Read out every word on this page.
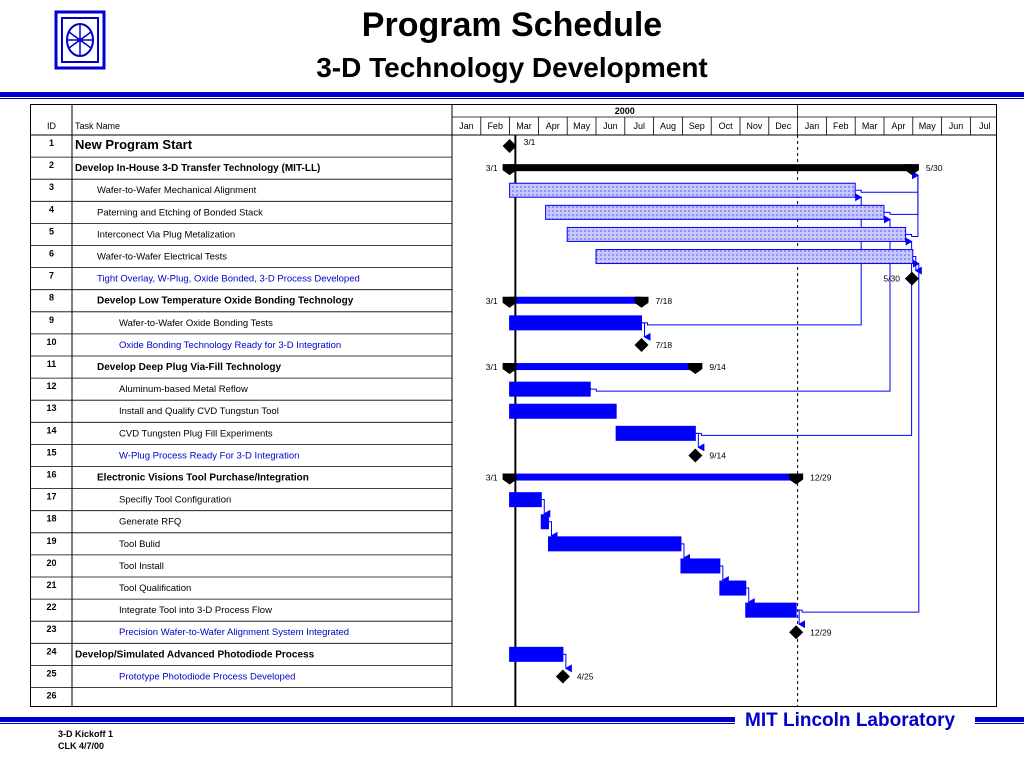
Program Schedule
3-D Technology Development
ID Task Name
2000
Jan Feb Mar Apr May Jun Jul Aug Sep Oct Nov Dec Jan Feb Mar Apr May Jun Jul
1 New Program Start
2 Develop In-House 3-D Transfer Technology (MIT-LL)
3	Wafer-to-Wafer Mechanical Alignment
4	Paterning and Etching of Bonded Stack
5	Interconect Via Plug Metalization
6	Wafer-to-Wafer Electrical Tests
7	Tight Overlay, W-Plug, Oxide Bonded, 3-D Process Developed
8	Develop Low Temperature Oxide Bonding Technology
9	Wafer-to-Wafer Oxide Bonding Tests
10	Oxide Bonding Technology Ready for 3-D Integration
11	Develop Deep Plug Via-Fill Technology
12	Aluminum-based Metal Reflow
13	Install and Qualify CVD Tungstun Tool
14	CVD Tungsten Plug Fill Experiments
15	W-Plug Process Ready For 3-D Integration
16	Electronic Visions Tool Purchase/Integration
17	Specifiy Tool Configuration
18	Generate RFQ
19	Tool Bulid
20	Tool Install
21	Tool Qualification
22	Integrate Tool into 3-D Process Flow
23	Precision Wafer-to-Wafer Alignment System Integrated
24 Develop/Simulated Advanced Photodiode Process
25	Prototype Photodiode Process Developed
26
3/1
3/1	5/30
5/30
3/1	7/18
7/18
3/1	9/14
9/14
3/1	12/29
12/29
4/25
MIT Lincoln Laboratory
3-D Kickoff 1
CLK 4/7/00
